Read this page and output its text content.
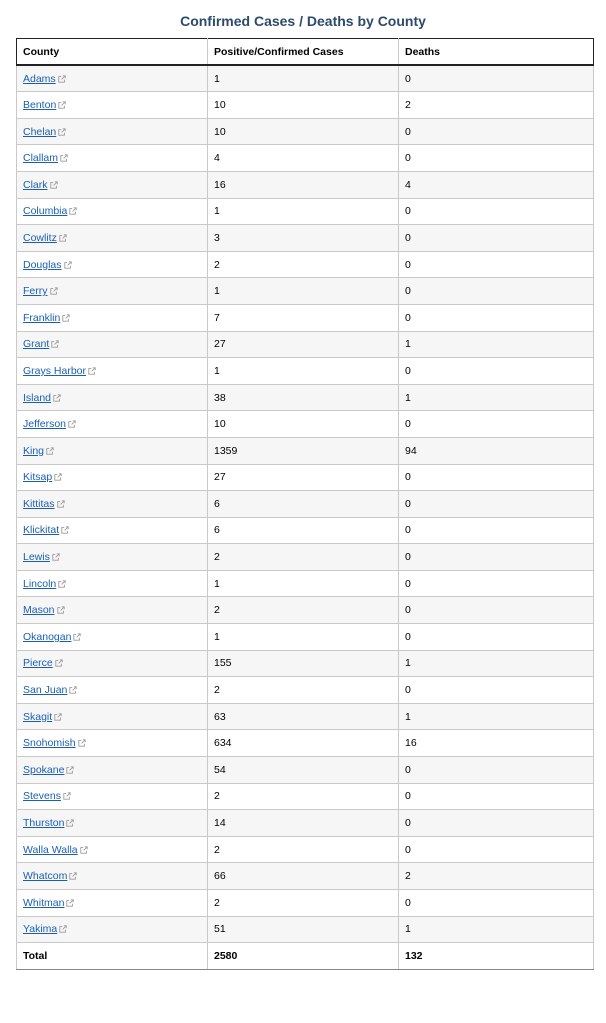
Confirmed Cases / Deaths by County
County	Positive/Confirmed Cases	Deaths
Adams	1	0
Benton	10	2
Chelan	10	0
Clallam	4	0
Clark	16	4
Columbia	1	0
Cowlitz	3	0
Douglas	2	0
Ferry	1	0
Franklin	7	0
Grant	27	1
Grays Harbor	1	0
Island	38	1
Jefferson	10	0
King	1359	94
Kitsap	27	0
Kittitas	6	0
Klickitat	6	0
Lewis	2	0
Lincoln	1	0
Mason	2	0
Okanogan	1	0
Pierce	155	1
San Juan	2	0
Skagit	63	1
Snohomish	634	16
Spokane	54	0
Stevens	2	0
Thurston	14	0
Walla Walla	2	0
Whatcom	66	2
Whitman	2	0
Yakima	51	1
Total	2580	132
